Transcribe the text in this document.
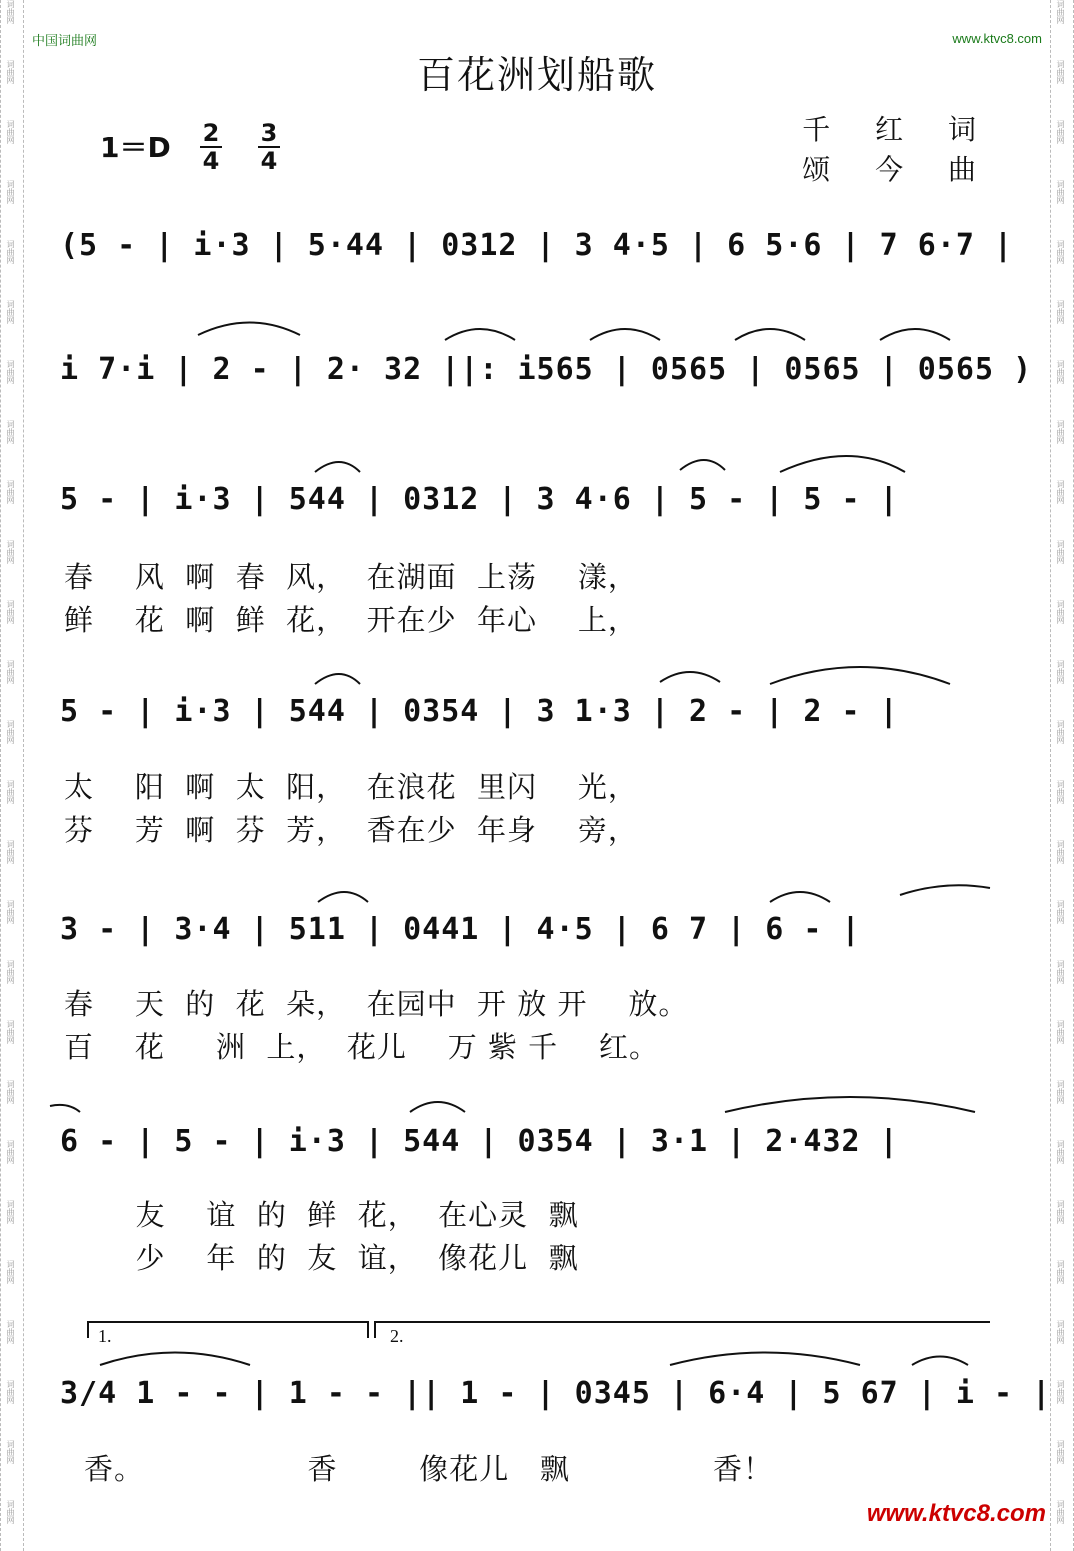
词曲网
词曲网
词曲网
词曲网
词曲网
词曲网
词曲网
词曲网
词曲网
词曲网
词曲网
词曲网
词曲网
词曲网
词曲网
词曲网
词曲网
词曲网
词曲网
词曲网
词曲网
词曲网
词曲网
词曲网
词曲网
词曲网
词曲网
词曲网
词曲网
词曲网
词曲网
词曲网
词曲网
词曲网
词曲网
词曲网
词曲网
词曲网
词曲网
词曲网
词曲网
词曲网
词曲网
词曲网
词曲网
词曲网
词曲网
词曲网
词曲网
词曲网
词曲网
词曲网
中国词曲网	www.ktvc8.com
百花洲划船歌
1＝D 2
4
3
4
千 红 词
颂 今 曲
(5 - | i·3 | 5·44 | 0312 | 3 4·5 | 6 5·6 | 7 6·7 |
i 7·i | 2 - | 2· 32 ||: i565 | 0565 | 0565 | 0565 )
5 - | i·3 | 544 | 0312 | 3 4·6 | 5 - | 5 - |
春    风  啊  春  风，  在湖面  上荡    漾，
鲜    花  啊  鲜  花，  开在少  年心    上，
5 - | i·3 | 544 | 0354 | 3 1·3 | 2 - | 2 - |
太    阳  啊  太  阳，  在浪花  里闪    光，
芬    芳  啊  芬  芳，  香在少  年身    旁，
3 - | 3·4 | 511 | 0441 | 4·5 | 6 7 | 6 - |
春    天  的  花  朵，  在园中  开 放 开    放。
百    花     洲  上，  花儿    万 紫 千    红。
6 - | 5 - | i·3 | 544 | 0354 | 3·1 | 2·432 |
友    谊  的  鲜  花，  在心灵  飘
少    年  的  友  谊，  像花儿  飘
1.	2.
3/4 1 - - | 1 - - || 1 - | 0345 | 6·4 | 5 67 | i - |
香。                香        像花儿   飘              香！
www.ktvc8.com
